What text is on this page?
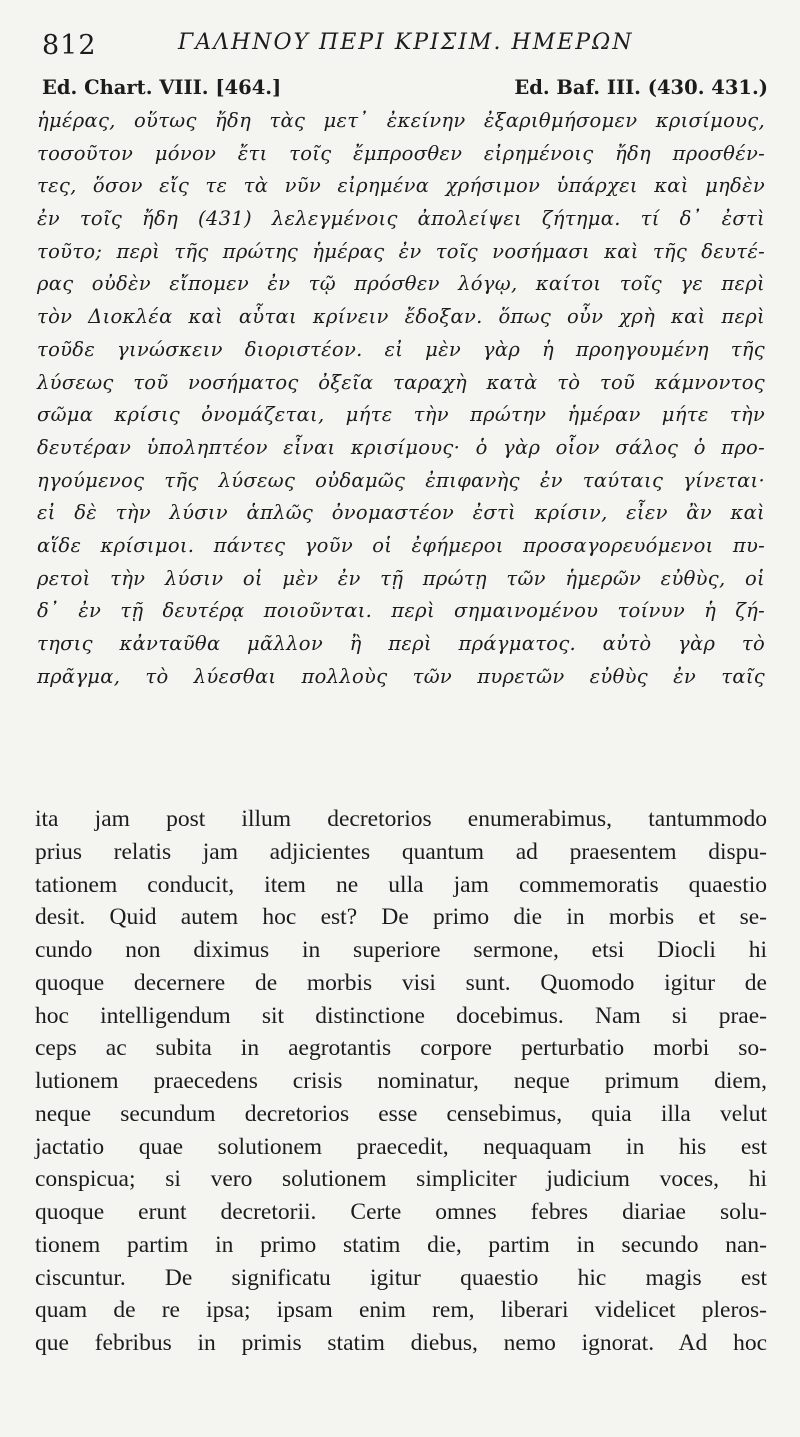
812	ΓΑΛΗΝΟΥ ΠΕΡΙ ΚΡΙΣΙΜ. ΗΜΕΡΩΝ
Ed. Chart. VIII. [464.]	Ed. Baf. III. (430. 431.)
ἡμέρας, οὕτως ἤδη τὰς μετ᾽ ἐκείνην ἐξαριθμήσομεν κρισίμους,
τοσοῦτον μόνον ἔτι τοῖς ἔμπροσθεν εἰρημένοις ἤδη προσθέν-
τες, ὅσον εἴς τε τὰ νῦν εἰρημένα χρήσιμον ὑπάρχει καὶ μηδὲν
ἐν τοῖς ἤδη (431) λελεγμένοις ἀπολείψει ζήτημα. τί δ᾽ ἐστὶ
τοῦτο; περὶ τῆς πρώτης ἡμέρας ἐν τοῖς νοσήμασι καὶ τῆς δευτέ-
ρας οὐδὲν εἴπομεν ἐν τῷ πρόσθεν λόγῳ, καίτοι τοῖς γε περὶ
τὸν Διοκλέα καὶ αὗται κρίνειν ἔδοξαν. ὅπως οὖν χρὴ καὶ περὶ
τοῦδε γινώσκειν διοριστέον. εἰ μὲν γὰρ ἡ προηγουμένη τῆς
λύσεως τοῦ νοσήματος ὀξεῖα ταραχὴ κατὰ τὸ τοῦ κάμνοντος
σῶμα κρίσις ὀνομάζεται, μήτε τὴν πρώτην ἡμέραν μήτε τὴν
δευτέραν ὑποληπτέον εἶναι κρισίμους· ὁ γὰρ οἷον σάλος ὁ προ-
ηγούμενος τῆς λύσεως οὐδαμῶς ἐπιφανὴς ἐν ταύταις γίνεται·
εἰ δὲ τὴν λύσιν ἁπλῶς ὀνομαστέον ἐστὶ κρίσιν, εἶεν ἂν καὶ
αἵδε κρίσιμοι. πάντες γοῦν οἱ ἐφήμεροι προσαγορευόμενοι πυ-
ρετοὶ τὴν λύσιν οἱ μὲν ἐν τῇ πρώτῃ τῶν ἡμερῶν εὐθὺς, οἱ
δ᾽ ἐν τῇ δευτέρᾳ ποιοῦνται. περὶ σημαινομένου τοίνυν ἡ ζή-
τησις κἀνταῦθα μᾶλλον ἢ περὶ πράγματος. αὐτὸ γὰρ τὸ
πρᾶγμα, τὸ λύεσθαι πολλοὺς τῶν πυρετῶν εὐθὺς ἐν ταῖς
ita jam post illum decretorios enumerabimus, tantummodo
prius relatis jam adjicientes quantum ad praesentem dispu-
tationem conducit, item ne ulla jam commemoratis quaestio
desit. Quid autem hoc est? De primo die in morbis et se-
cundo non diximus in superiore sermone, etsi Diocli hi
quoque decernere de morbis visi sunt. Quomodo igitur de
hoc intelligendum sit distinctione docebimus. Nam si prae-
ceps ac subita in aegrotantis corpore perturbatio morbi so-
lutionem praecedens crisis nominatur, neque primum diem,
neque secundum decretorios esse censebimus, quia illa velut
jactatio quae solutionem praecedit, nequaquam in his est
conspicua; si vero solutionem simpliciter judicium voces, hi
quoque erunt decretorii. Certe omnes febres diariae solu-
tionem partim in primo statim die, partim in secundo nan-
ciscuntur. De significatu igitur quaestio hic magis est
quam de re ipsa; ipsam enim rem, liberari videlicet pleros-
que febribus in primis statim diebus, nemo ignorat. Ad hoc
